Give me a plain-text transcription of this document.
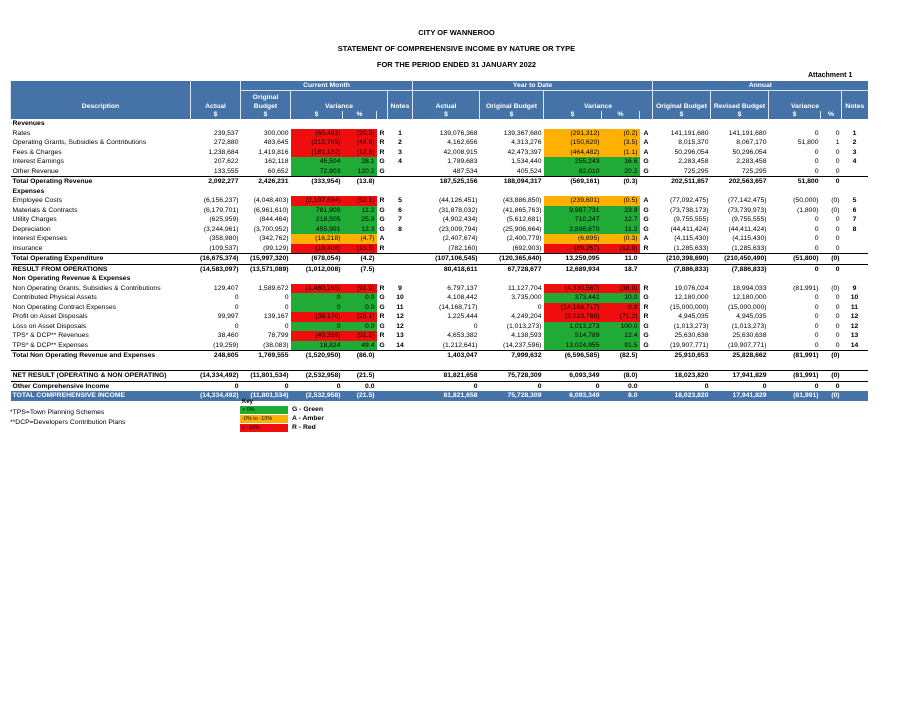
CITY OF WANNEROO
STATEMENT OF COMPREHENSIVE INCOME BY NATURE OR TYPE
FOR THE PERIOD ENDED 31 JANUARY 2022
Attachment 1
Description		Current Month					Year to Date					Annual				
	Actual	Original Budget	Variance			Notes	Actual	Original Budget	Variance			Original Budget	Revised Budget	Variance		Notes
	$	$	$	%			$	$	$	%		$	$	$	%	
Revenues																
Rates	239,537	300,000	(60,463)	(20.2)	R	1	139,076,368	139,367,680	(291,312)	(0.2)	A	141,191,680	141,191,680	0	0	1
Operating Grants, Subsidies & Contributions	272,880	483,645	(210,765)	(43.6)	R	2	4,162,656	4,313,276	(150,620)	(3.5)	A	8,015,370	8,067,170	51,800	1	2
Fees & Charges	1,238,684	1,419,816	(181,132)	(12.8)	R	3	42,008,915	42,473,397	(464,482)	(1.1)	A	50,296,054	50,296,054	0	0	3
Interest Earnings	207,622	162,118	45,504	28.1	G	4	1,789,683	1,534,440	255,243	16.6	G	2,283,458	2,283,458	0	0	4
Other Revenue	133,555	60,652	72,903	120.2	G		487,534	405,524	82,010	20.2	G	725,295	725,295	0	0	
Total Operating Revenue	2,092,277	2,426,231	(333,954)	(13.8)			187,525,156	188,094,317	(569,161)	(0.3)		202,511,857	202,563,657	51,800	0	
Expenses																
Employee Costs	(6,156,237)	(4,048,403)	(2,107,834)	(52.1)	R	5	(44,126,451)	(43,886,850)	(239,601)	(0.5)	A	(77,092,475)	(77,142,475)	(50,000)	(0)	5
Materials & Contracts	(6,179,701)	(6,961,610)	781,909	11.2	G	6	(31,878,032)	(41,865,763)	9,987,731	23.9	G	(73,738,173)	(73,739,973)	(1,800)	(0)	6
Utility Charges	(625,959)	(844,464)	218,505	25.9	G	7	(4,902,434)	(5,612,681)	710,247	12.7	G	(9,755,555)	(9,755,555)	0	0	7
Depreciation	(3,244,961)	(3,700,952)	455,991	12.3	G	8	(23,009,794)	(25,906,664)	2,896,870	11.2	G	(44,411,424)	(44,411,424)	0	0	8
Interest Expenses	(358,980)	(342,762)	(16,218)	(4.7)	A		(2,407,674)	(2,400,779)	(6,895)	(0.3)	A	(4,115,430)	(4,115,430)	0	0	
Insurance	(109,537)	(99,129)	(10,408)	(10.5)	R		(782,160)	(692,903)	(89,257)	(12.9)	R	(1,285,633)	(1,285,633)	0	0	
Total Operating Expenditure	(16,675,374)	(15,997,320)	(678,054)	(4.2)			(107,106,545)	(120,365,640)	13,259,095	11.0		(210,398,690)	(210,450,490)	(51,800)	(0)	
RESULT FROM OPERATIONS	(14,583,097)	(13,571,089)	(1,012,008)	(7.5)			80,418,611	67,728,677	12,689,934	18.7		(7,886,833)	(7,886,833)	0	0	
Non Operating Revenue & Expenses																
Non Operating Grants, Subsidies & Contributions	129,407	1,589,672	(1,460,265)	(91.9)	R	9	6,797,137	11,127,704	(4,330,567)	(38.9)	R	19,076,024	18,994,033	(81,991)	(0)	9
Contributed Physical Assets	0	0	0	0.0	G	10	4,108,442	3,735,000	373,442	10.0	G	12,180,000	12,180,000	0	0	10
Non Operating Contract Expenses	0	0	0	0.0	G	11	(14,168,717)	0	(14,168,717)	0.0	R	(15,000,000)	(15,000,000)	0	0	11
Profit on Asset Disposals	99,997	139,167	(39,170)	(28.1)	R	12	1,225,444	4,249,204	(3,023,760)	(71.2)	R	4,945,035	4,945,035	0	0	12
Loss on Asset Disposals	0	0	0	0.0	G	12	0	(1,013,273)	1,013,273	100.0	G	(1,013,273)	(1,013,273)	0	0	12
TPS* & DCP** Revenues	38,460	78,799	(40,339)	(51.2)	R	13	4,653,382	4,138,593	514,789	12.4	G	25,630,638	25,630,638	0	0	13
TPS* & DCP** Expenses	(19,259)	(38,083)	18,824	49.4	G	14	(1,212,641)	(14,237,596)	13,024,955	91.5	G	(19,907,771)	(19,907,771)	0	0	14
Total Non Operating Revenue and Expenses	248,605	1,769,555	(1,520,950)	(86.0)			1,403,047	7,999,632	(6,596,585)	(82.5)		25,910,653	25,828,662	(81,991)	(0)	

NET RESULT (OPERATING & NON OPERATING)	(14,334,492)	(11,801,534)	(2,532,958)	(21.5)			81,821,658	75,728,309	6,093,349	(8.0)		18,023,820	17,941,829	(81,991)	(0)	
Other Comprehensive Income	0	0	0	0.0			0	0	0	0.0		0	0	0	0	
TOTAL COMPREHENSIVE INCOME	(14,334,492)	(11,801,534)	(2,532,958)	(21.5)			81,821,658	75,728,309	6,093,349	8.0		18,023,820	17,941,829	(81,991)	(0)	
*TPS=Town Planning Schemes
**DCP=Developers Contribution Plans
Key
> 0%	G - Green
-0% to -10%	A - Amber
< -10%	R - Red
